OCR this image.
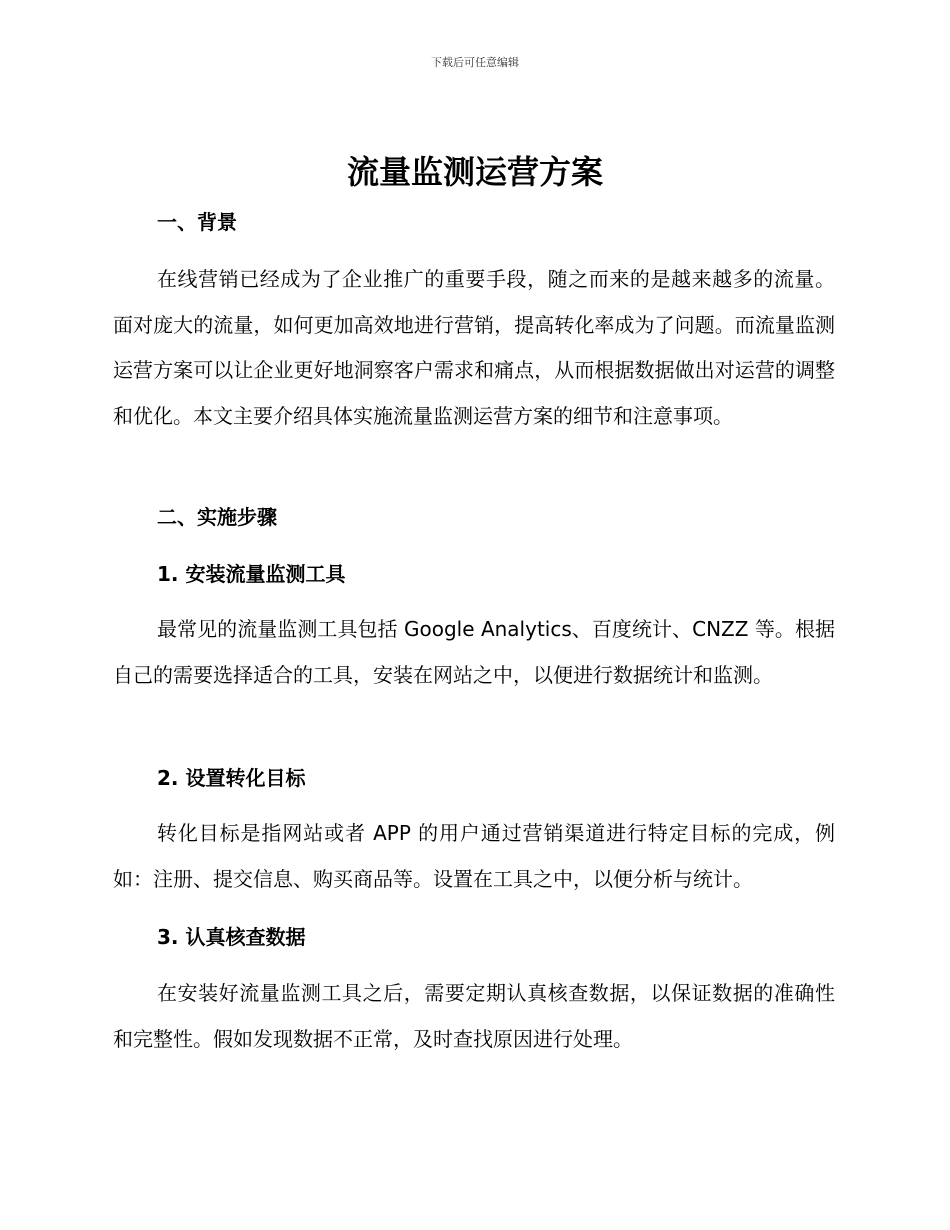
下载后可任意编辑
流量监测运营方案
一、背景

在线营销已经成为了企业推广的重要手段，随之而来的是越来越多的流量。面对庞大的流量，如何更加高效地进行营销，提高转化率成为了问题。而流量监测运营方案可以让企业更好地洞察客户需求和痛点，从而根据数据做出对运营的调整和优化。本文主要介绍具体实施流量监测运营方案的细节和注意事项。

二、实施步骤
1. 安装流量监测工具

最常见的流量监测工具包括 Google Analytics、百度统计、CNZZ 等。根据自己的需要选择适合的工具，安装在网站之中，以便进行数据统计和监测。

2. 设置转化目标

转化目标是指网站或者 APP 的用户通过营销渠道进行特定目标的完成，例如：注册、提交信息、购买商品等。设置在工具之中，以便分析与统计。

3. 认真核查数据

在安装好流量监测工具之后，需要定期认真核查数据，以保证数据的准确性和完整性。假如发现数据不正常，及时查找原因进行处理。
